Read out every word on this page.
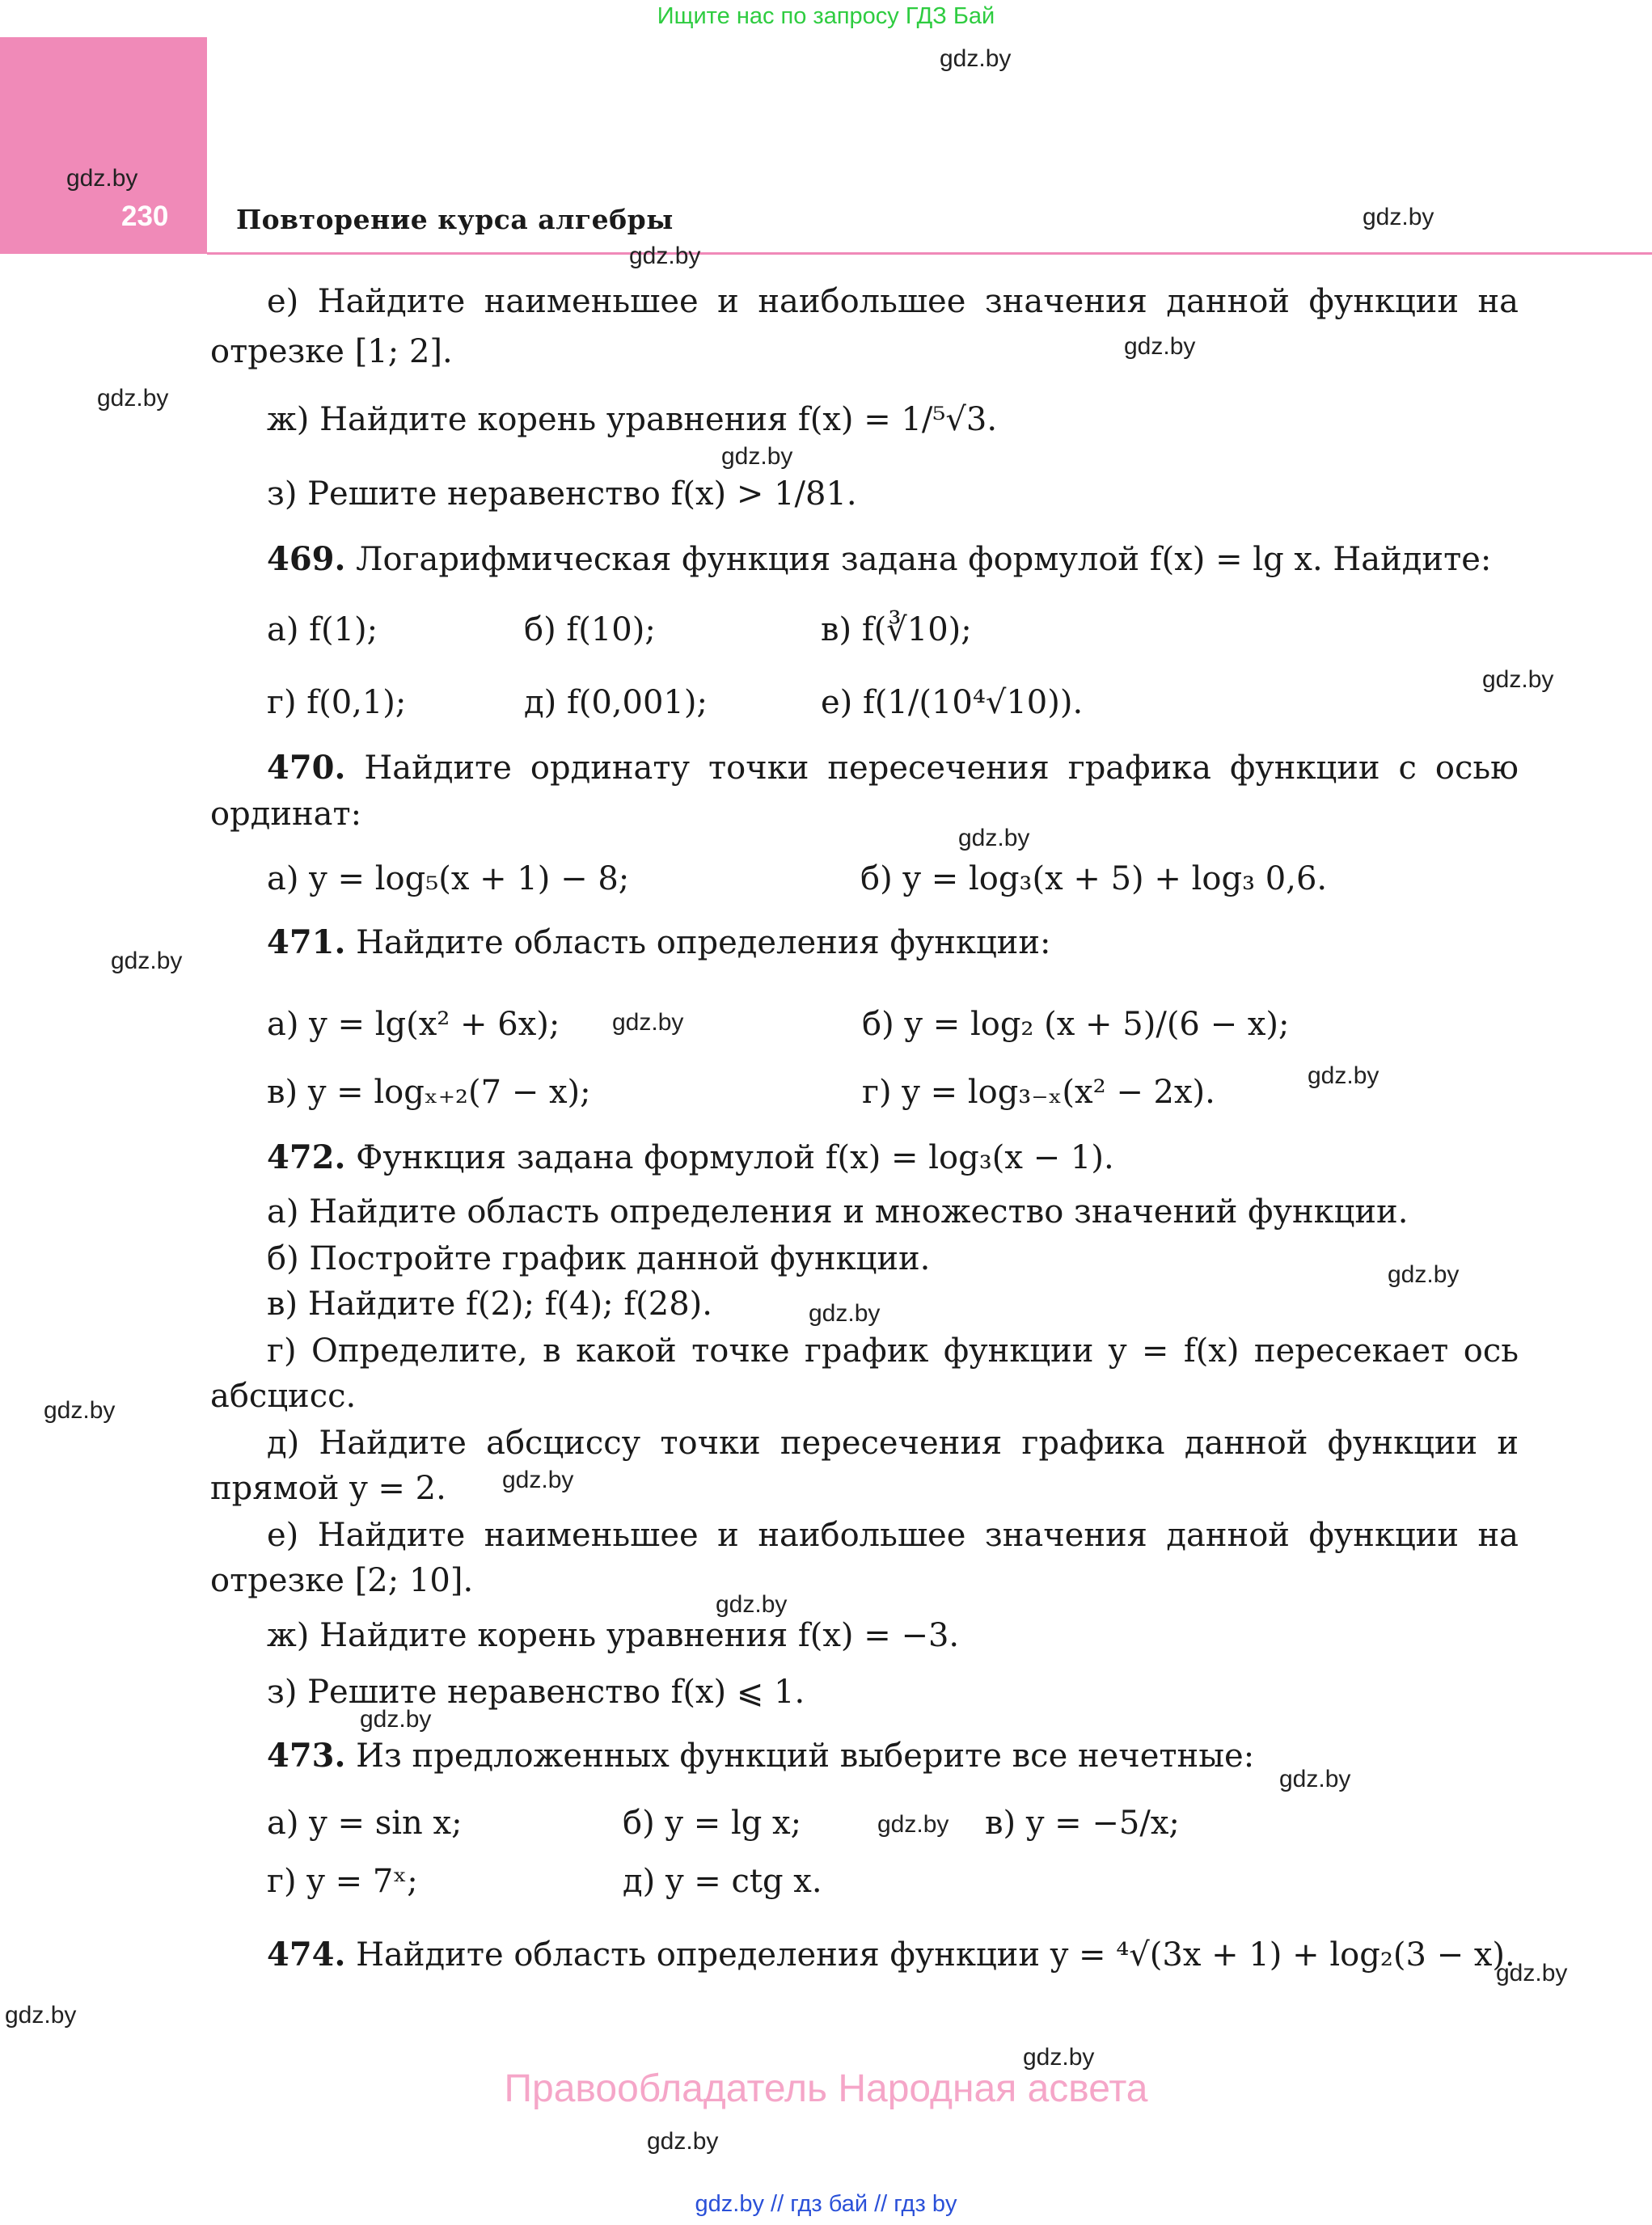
Ищите нас по запросу ГДЗ Бай
230	Повторение курса алгебры
gdz.by
gdz.by
gdz.by
gdz.by
gdz.by
gdz.by
gdz.by
gdz.by
gdz.by
gdz.by
gdz.by
gdz.by
gdz.by
gdz.by
gdz.by
gdz.by
gdz.by
gdz.by
gdz.by
gdz.by
gdz.by
gdz.by
gdz.by
gdz.by
е) Найдите наименьшее и наибольшее значения данной функции на
отрезке [1; 2].
ж) Найдите корень уравнения f(x) = 1/⁵√3.
з) Решите неравенство f(x) > 1/81.
469. Логарифмическая функция задана формулой f(x) = lg x. Найдите:
а) f(1);	б) f(10);	в) f(∛10);
г) f(0,1);	д) f(0,001);	е) f(1/(10⁴√10)).
470. Найдите ординату точки пересечения графика функции с осью
ординат:
а) y = log₅(x + 1) − 8;	б) y = log₃(x + 5) + log₃ 0,6.
471. Найдите область определения функции:
а) y = lg(x² + 6x);	б) y = log₂ (x + 5)/(6 − x);
в) y = logₓ₊₂(7 − x);	г) y = log₃₋ₓ(x² − 2x).
472. Функция задана формулой f(x) = log₃(x − 1).
а) Найдите область определения и множество значений функции.
б) Постройте график данной функции.
в) Найдите f(2); f(4); f(28).
г) Определите, в какой точке график функции y = f(x) пересекает ось
абсцисс.
д) Найдите абсциссу точки пересечения графика данной функции и
прямой y = 2.
е) Найдите наименьшее и наибольшее значения данной функции на
отрезке [2; 10].
ж) Найдите корень уравнения f(x) = −3.
з) Решите неравенство f(x) ⩽ 1.
473. Из предложенных функций выберите все нечетные:
а) y = sin x;	б) y = lg x;	в) y = −5/x;
г) y = 7ˣ;	д) y = ctg x.
474. Найдите область определения функции y = ⁴√(3x + 1) + log₂(3 − x).
Правообладатель Народная асвета
gdz.by // гдз бай // гдз by
